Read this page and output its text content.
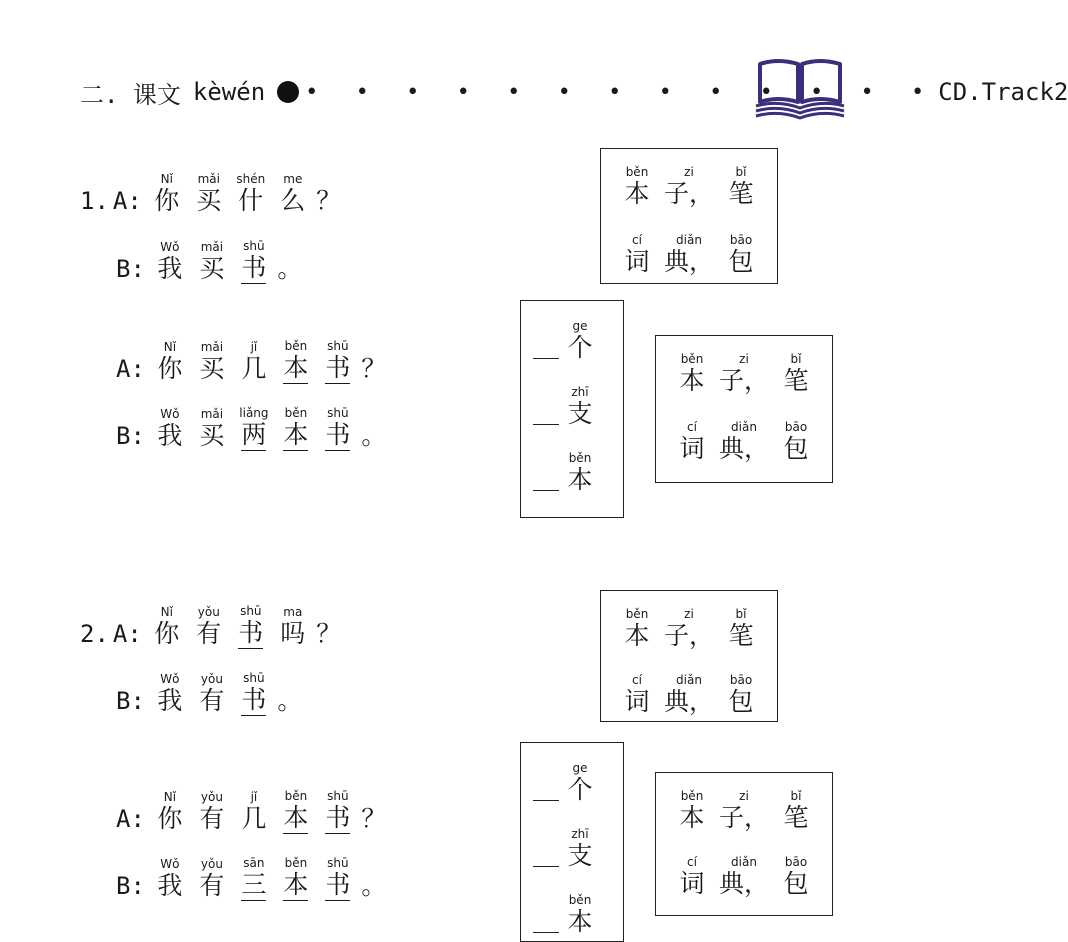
二. 课文 kèwén • • • • • • • • • • • • • CD.Track2
1. A:
Nǐ
你
mǎi
买
shén
什
me
么 ？
B:
Wǒ
我
mǎi
买
shū
书 。
A:
Nǐ
你
mǎi
买
jǐ
几
běn
本
shū
书 ？
B:
Wǒ
我
mǎi
买
liǎng
两
běn
本
shū
书 。
běn
本
zi
子，
bǐ
笔
cí
词
diǎn
典，
bāo
包
ge
个
zhī
支
běn
本
běn
本
zi
子，
bǐ
笔
cí
词
diǎn
典，
bāo
包
2. A:
Nǐ
你
yǒu
有
shū
书
ma
吗 ？
B:
Wǒ
我
yǒu
有
shū
书 。
A:
Nǐ
你
yǒu
有
jǐ
几
běn
本
shū
书 ？
B:
Wǒ
我
yǒu
有
sān
三
běn
本
shū
书 。
běn
本
zi
子，
bǐ
笔
cí
词
diǎn
典，
bāo
包
ge
个
zhī
支
běn
本
běn
本
zi
子，
bǐ
笔
cí
词
diǎn
典，
bāo
包
